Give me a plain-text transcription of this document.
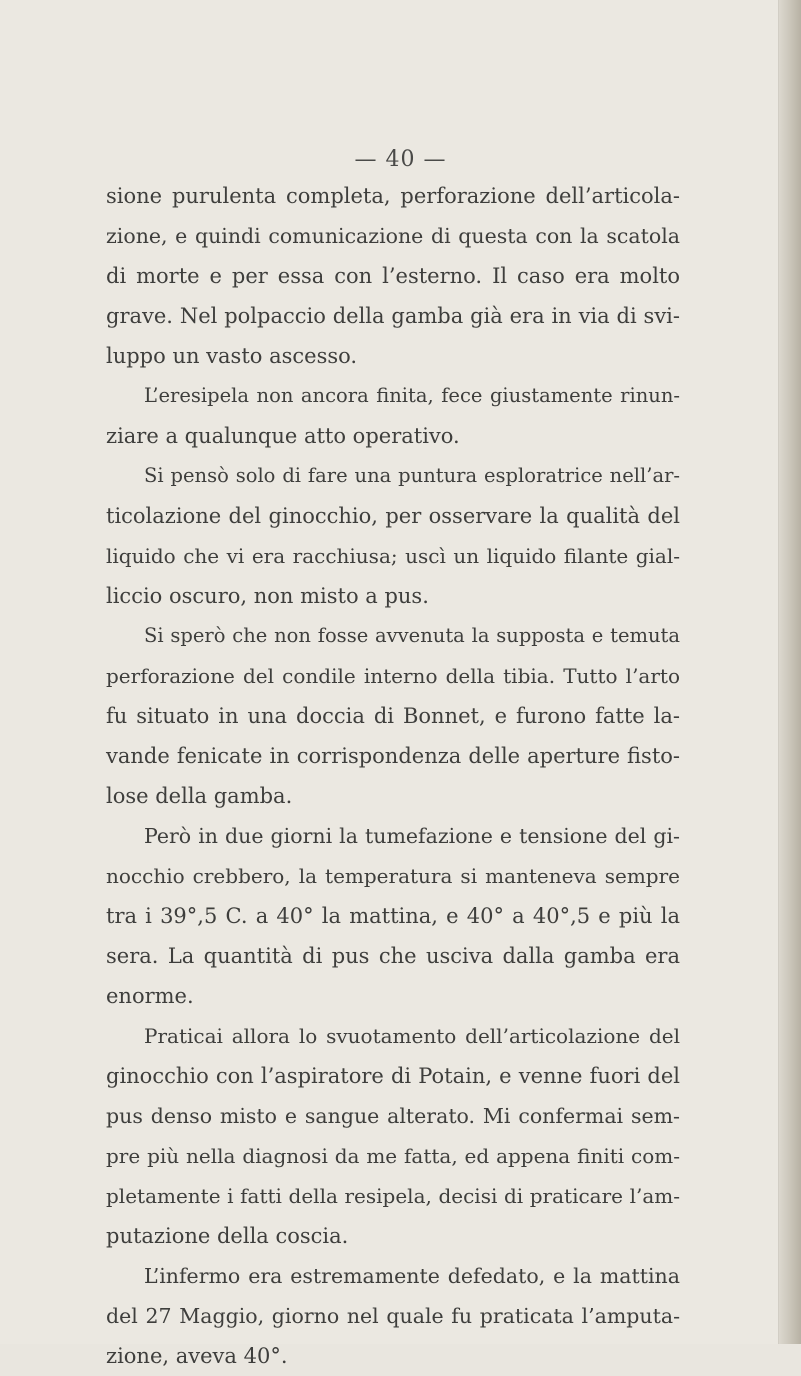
— 40 —
sione purulenta completa, perforazione dell’articola-
zione, e quindi comunicazione di questa con la scatola
di morte e per essa con l’esterno. Il caso era molto
grave. Nel polpaccio della gamba già era in via di svi-
luppo un vasto ascesso.
L’eresipela non ancora finita, fece giustamente rinun-
ziare a qualunque atto operativo.
Si pensò solo di fare una puntura esploratrice nell’ar-
ticolazione del ginocchio, per osservare la qualità del
liquido che vi era racchiusa; uscì un liquido filante gial-
liccio oscuro, non misto a pus.
Si sperò che non fosse avvenuta la supposta e temuta
perforazione del condile interno della tibia. Tutto l’arto
fu situato in una doccia di Bonnet, e furono fatte la-
vande fenicate in corrispondenza delle aperture fisto-
lose della gamba.
Però in due giorni la tumefazione e tensione del gi-
nocchio crebbero, la temperatura si manteneva sempre
tra i 39°,5 C. a 40° la mattina, e 40° a 40°,5 e più la
sera. La quantità di pus che usciva dalla gamba era
enorme.
Praticai allora lo svuotamento dell’articolazione del
ginocchio con l’aspiratore di Potain, e venne fuori del
pus denso misto e sangue alterato. Mi confermai sem-
pre più nella diagnosi da me fatta, ed appena finiti com-
pletamente i fatti della resipela, decisi di praticare l’am-
putazione della coscia.
L’infermo era estremamente defedato, e la mattina
del 27 Maggio, giorno nel quale fu praticata l’amputa-
zione, aveva 40°.
